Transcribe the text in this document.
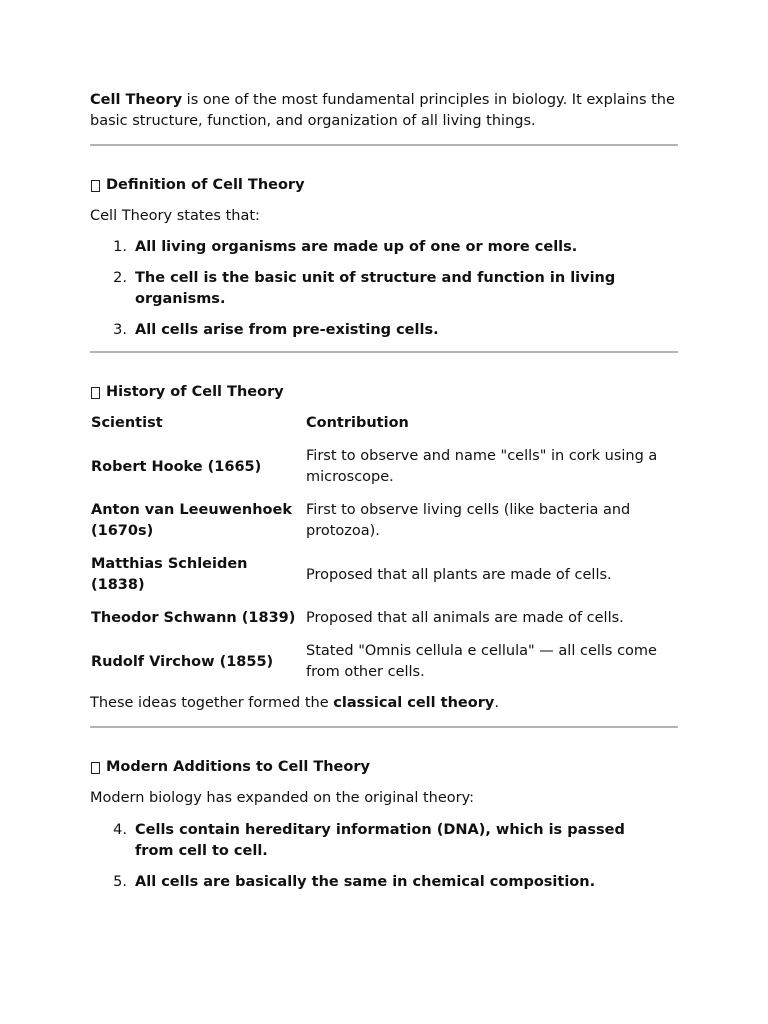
Cell Theory is one of the most fundamental principles in biology. It explains the basic structure, function, and organization of all living things.

Definition of Cell Theory

Cell Theory states that:

1. All living organisms are made up of one or more cells.
2. The cell is the basic unit of structure and function in living organisms.
3. All cells arise from pre-existing cells.
History of Cell Theory
Scientist	Contribution
Robert Hooke (1665)	First to observe and name "cells" in cork using a microscope.
Anton van Leeuwenhoek (1670s)	First to observe living cells (like bacteria and protozoa).
Matthias Schleiden (1838)	Proposed that all plants are made of cells.
Theodor Schwann (1839)	Proposed that all animals are made of cells.
Rudolf Virchow (1855)	Stated "Omnis cellula e cellula" — all cells come from other cells.

These ideas together formed the classical cell theory.

Modern Additions to Cell Theory

Modern biology has expanded on the original theory:

4. Cells contain hereditary information (DNA), which is passed from cell to cell.
5. All cells are basically the same in chemical composition.
